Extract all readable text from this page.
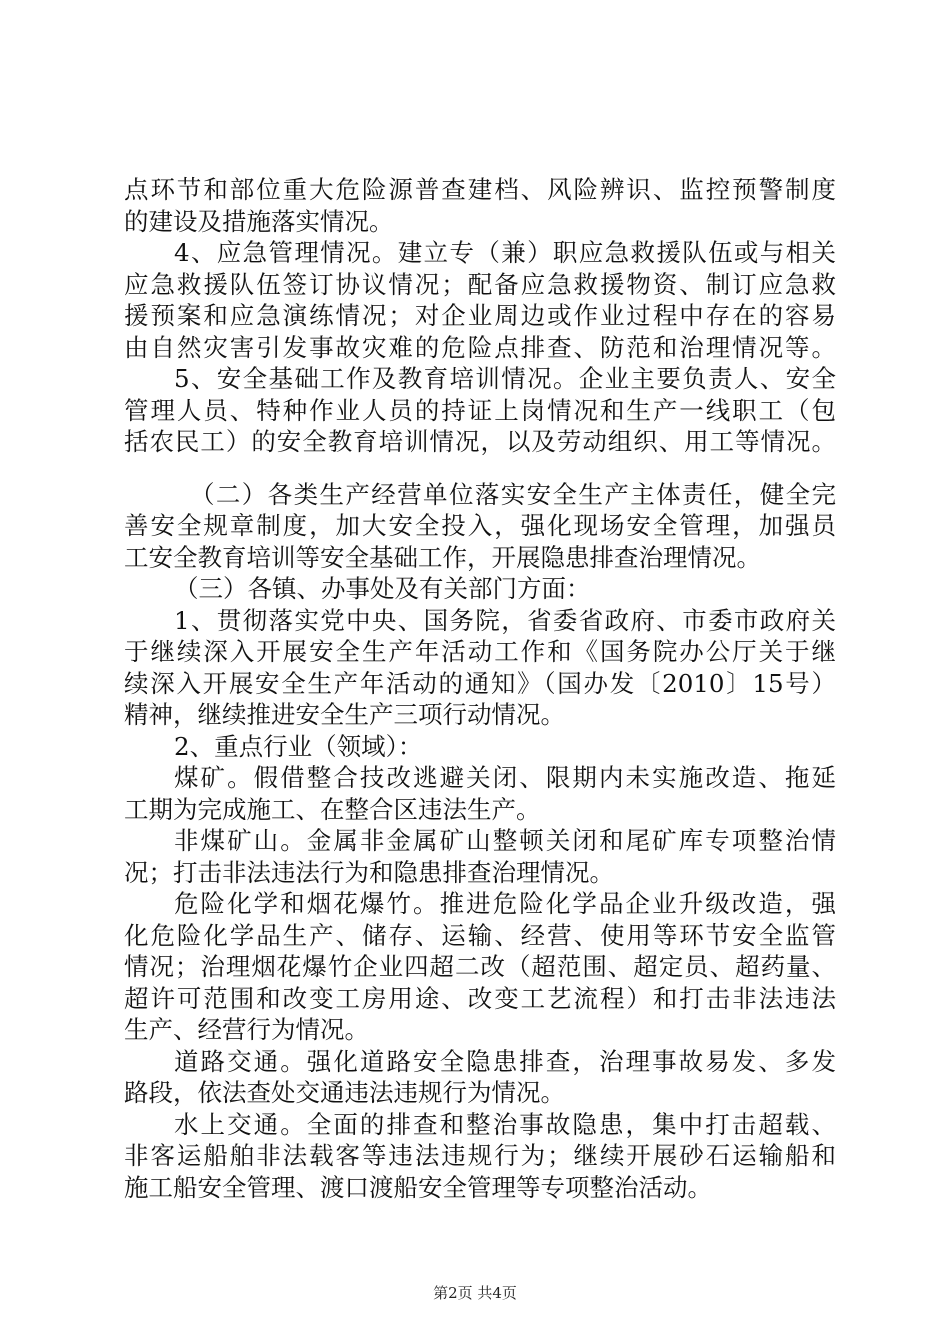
点环节和部位重大危险源普查建档、风险辨识、监控预警制度
的建设及措施落实情况。
4、应急管理情况。建立专（兼）职应急救援队伍或与相关
应急救援队伍签订协议情况；配备应急救援物资、制订应急救
援预案和应急演练情况；对企业周边或作业过程中存在的容易
由自然灾害引发事故灾难的危险点排查、防范和治理情况等。
5、安全基础工作及教育培训情况。企业主要负责人、安全
管理人员、特种作业人员的持证上岗情况和生产一线职工（包
括农民工）的安全教育培训情况，以及劳动组织、用工等情况。
（二）各类生产经营单位落实安全生产主体责任，健全完
善安全规章制度，加大安全投入，强化现场安全管理，加强员
工安全教育培训等安全基础工作，开展隐患排查治理情况。
（三）各镇、办事处及有关部门方面：
1、贯彻落实党中央、国务院，省委省政府、市委市政府关
于继续深入开展安全生产年活动工作和《国务院办公厅关于继
续深入开展安全生产年活动的通知》（国办发〔2010〕15号）
精神，继续推进安全生产三项行动情况。
2、重点行业（领域）：
煤矿。假借整合技改逃避关闭、限期内未实施改造、拖延
工期为完成施工、在整合区违法生产。
非煤矿山。金属非金属矿山整顿关闭和尾矿库专项整治情
况；打击非法违法行为和隐患排查治理情况。
危险化学和烟花爆竹。推进危险化学品企业升级改造，强
化危险化学品生产、储存、运输、经营、使用等环节安全监管
情况；治理烟花爆竹企业四超二改（超范围、超定员、超药量、
超许可范围和改变工房用途、改变工艺流程）和打击非法违法
生产、经营行为情况。
道路交通。强化道路安全隐患排查，治理事故易发、多发
路段，依法查处交通违法违规行为情况。
水上交通。全面的排查和整治事故隐患，集中打击超载、
非客运船舶非法载客等违法违规行为；继续开展砂石运输船和
施工船安全管理、渡口渡船安全管理等专项整治活动。
第2页 共4页
